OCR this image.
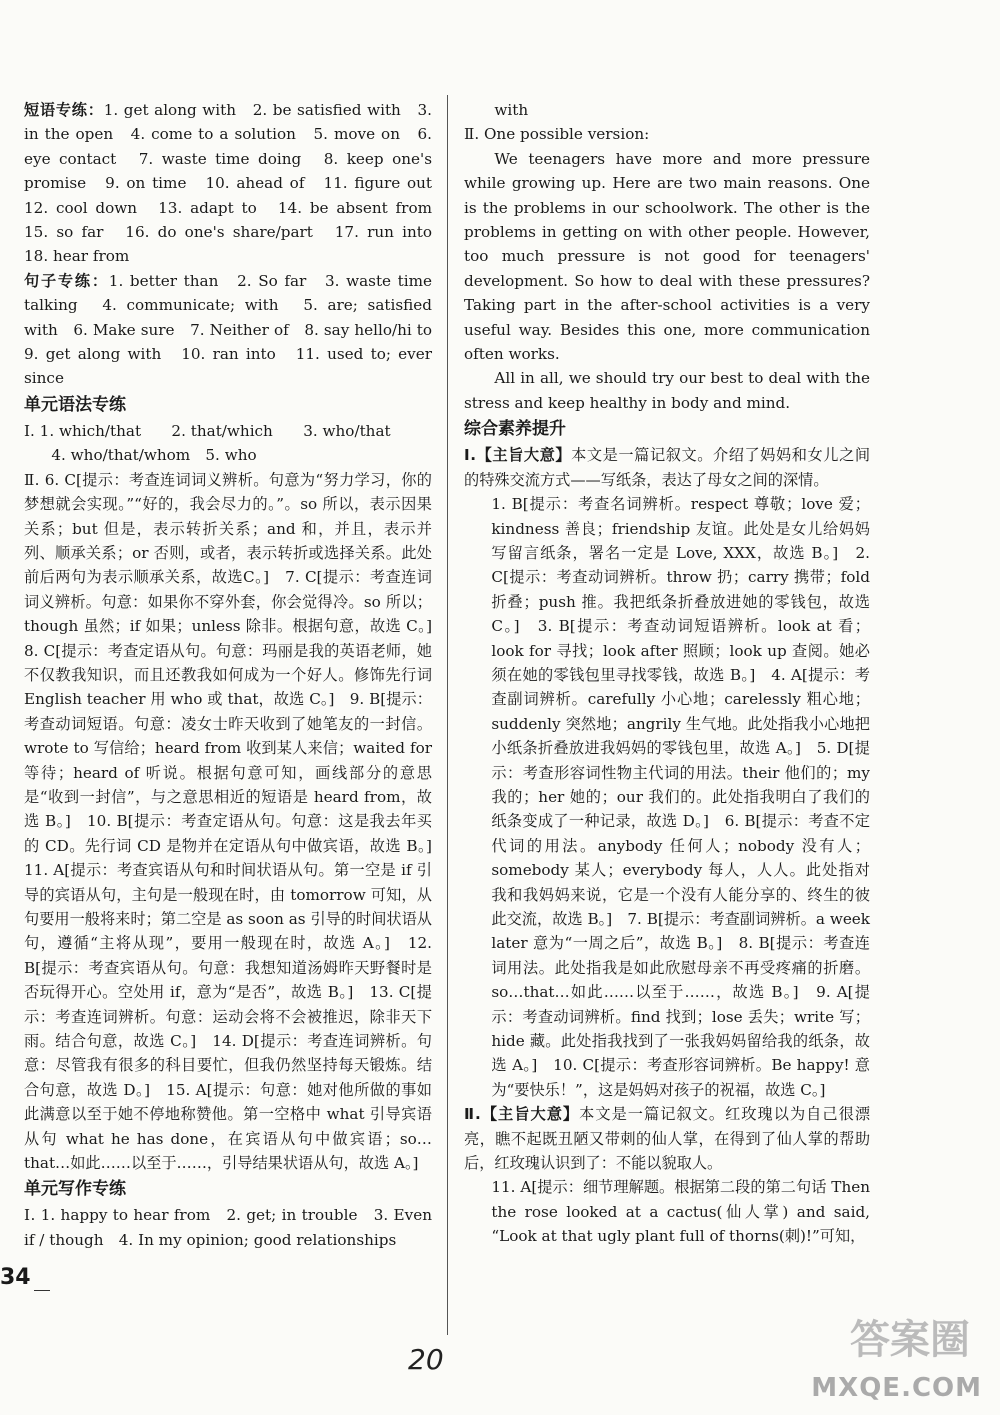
短语专练：1. get along with　2. be satisfied with　3. in the open　4. come to a solution　5. move on　6. eye contact　7. waste time doing　8. keep one's promise　9. on time　10. ahead of　11. figure out　12. cool down　13. adapt to　14. be absent from　15. so far　16. do one's share/part　17. run into　18. hear from

句子专练：1. better than　2. So far　3. waste time talking　4. communicate; with　5. are; satisfied with　6. Make sure　7. Neither of　8. say hello/hi to　9. get along with　10. ran into　11. used to; ever since

单元语法专练

Ⅰ. 1. which/that　　2. that/which　　3. who/that

4. who/that/whom　5. who

Ⅱ. 6. C[提示：考查连词词义辨析。句意为“努力学习，你的梦想就会实现。”“好的，我会尽力的。”。so 所以，表示因果关系；but 但是，表示转折关系；and 和，并且，表示并列、顺承关系；or 否则，或者，表示转折或选择关系。此处前后两句为表示顺承关系，故选C。]　7. C[提示：考查连词词义辨析。句意：如果你不穿外套，你会觉得冷。so 所以；though 虽然；if 如果；unless 除非。根据句意，故选 C。]　8. C[提示：考查定语从句。句意：玛丽是我的英语老师，她不仅教我知识，而且还教我如何成为一个好人。修饰先行词 English teacher 用 who 或 that，故选 C。]　9. B[提示：考查动词短语。句意：凌女士昨天收到了她笔友的一封信。wrote to 写信给；heard from 收到某人来信；waited for 等待；heard of 听说。根据句意可知，画线部分的意思是“收到一封信”，与之意思相近的短语是 heard from，故选 B。]　10. B[提示：考查定语从句。句意：这是我去年买的 CD。先行词 CD 是物并在定语从句中做宾语，故选 B。]　11. A[提示：考查宾语从句和时间状语从句。第一空是 if 引导的宾语从句，主句是一般现在时，由 tomorrow 可知，从句要用一般将来时；第二空是 as soon as 引导的时间状语从句，遵循“主将从现”，要用一般现在时，故选 A。]　12. B[提示：考查宾语从句。句意：我想知道汤姆昨天野餐时是否玩得开心。空处用 if，意为“是否”，故选 B。]　13. C[提示：考查连词辨析。句意：运动会将不会被推迟，除非天下雨。结合句意，故选 C。]　14. D[提示：考查连词辨析。句意：尽管我有很多的科目要忙，但我仍然坚持每天锻炼。结合句意，故选 D。]　15. A[提示：句意：她对他所做的事如此满意以至于她不停地称赞他。第一空格中 what 引导宾语从句 what he has done，在宾语从句中做宾语；so…that…如此……以至于……，引导结果状语从句，故选 A。]

单元写作专练

Ⅰ. 1. happy to hear from　2. get; in trouble　3. Even if / though　4. In my opinion; good relationships

with

Ⅱ. One possible version:

We teenagers have more and more pressure while growing up. Here are two main reasons. One is the problems in our schoolwork. The other is the problems in getting on with other people. However, too much pressure is not good for teenagers' development. So how to deal with these pressures? Taking part in the after-school activities is a very useful way. Besides this one, more communication often works.

All in all, we should try our best to deal with the stress and keep healthy in body and mind.

综合素养提升

Ⅰ.【主旨大意】本文是一篇记叙文。介绍了妈妈和女儿之间的特殊交流方式——写纸条，表达了母女之间的深情。

1. B[提示：考查名词辨析。respect 尊敬；love 爱；kindness 善良；friendship 友谊。此处是女儿给妈妈写留言纸条，署名一定是 Love, XXX，故选 B。]　2. C[提示：考查动词辨析。throw 扔；carry 携带；fold 折叠；push 推。我把纸条折叠放进她的零钱包，故选 C。]　3. B[提示：考查动词短语辨析。look at 看；look for 寻找；look after 照顾；look up 查阅。她必须在她的零钱包里寻找零钱，故选 B。]　4. A[提示：考查副词辨析。carefully 小心地；carelessly 粗心地；suddenly 突然地；angrily 生气地。此处指我小心地把小纸条折叠放进我妈妈的零钱包里，故选 A。]　5. D[提示：考查形容词性物主代词的用法。their 他们的；my 我的；her 她的；our 我们的。此处指我明白了我们的纸条变成了一种记录，故选 D。]　6. B[提示：考查不定代词的用法。anybody 任何人；nobody 没有人；somebody 某人；everybody 每人，人人。此处指对我和我妈妈来说，它是一个没有人能分享的、终生的彼此交流，故选 B。]　7. B[提示：考查副词辨析。a week later 意为“一周之后”，故选 B。]　8. B[提示：考查连词用法。此处指我是如此欣慰母亲不再受疼痛的折磨。so…that…如此……以至于……，故选 B。]　9. A[提示：考查动词辨析。find 找到；lose 丢失；write 写；hide 藏。此处指我找到了一张我妈妈留给我的纸条，故选 A。]　10. C[提示：考查形容词辨析。Be happy! 意为“要快乐！”，这是妈妈对孩子的祝福，故选 C。]

Ⅱ.【主旨大意】本文是一篇记叙文。红玫瑰以为自己很漂亮，瞧不起既丑陋又带刺的仙人掌，在得到了仙人掌的帮助后，红玫瑰认识到了：不能以貌取人。

11. A[提示：细节理解题。根据第二段的第二句话 Then the rose looked at a cactus(仙人掌) and said, “Look at that ugly plant full of thorns(刺)!”可知，

34
20	答案圈
MXQE.COM
